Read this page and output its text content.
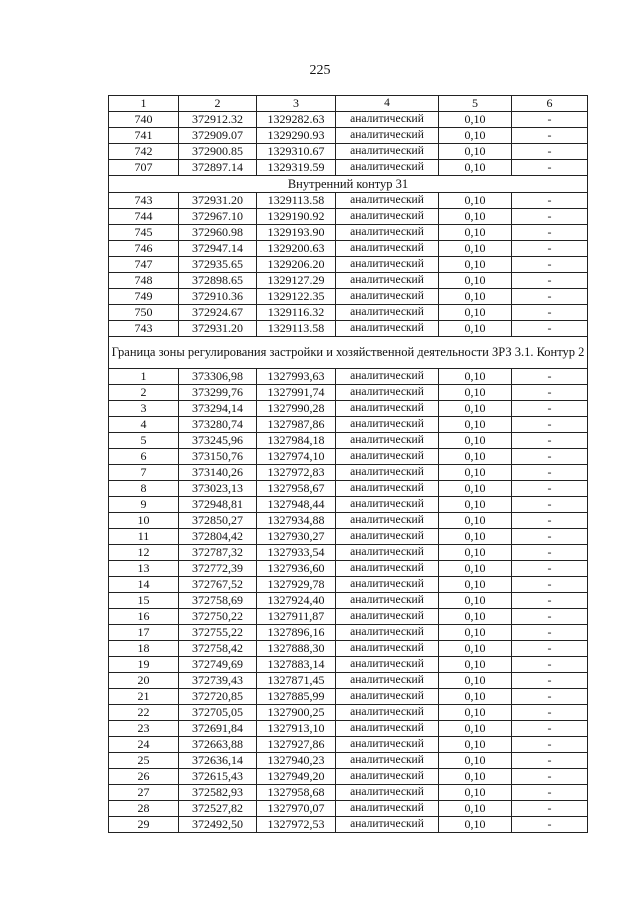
225
1	2	3	4	5	6
740	372912.32	1329282.63	аналитический	0,10	-
741	372909.07	1329290.93	аналитический	0,10	-
742	372900.85	1329310.67	аналитический	0,10	-
707	372897.14	1329319.59	аналитический	0,10	-
Внутренний контур 31					
743	372931.20	1329113.58	аналитический	0,10	-
744	372967.10	1329190.92	аналитический	0,10	-
745	372960.98	1329193.90	аналитический	0,10	-
746	372947.14	1329200.63	аналитический	0,10	-
747	372935.65	1329206.20	аналитический	0,10	-
748	372898.65	1329127.29	аналитический	0,10	-
749	372910.36	1329122.35	аналитический	0,10	-
750	372924.67	1329116.32	аналитический	0,10	-
743	372931.20	1329113.58	аналитический	0,10	-
Граница зоны регулирования застройки и хозяйственной деятельности ЗРЗ 3.1. Контур 2					
1	373306,98	1327993,63	аналитический	0,10	-
2	373299,76	1327991,74	аналитический	0,10	-
3	373294,14	1327990,28	аналитический	0,10	-
4	373280,74	1327987,86	аналитический	0,10	-
5	373245,96	1327984,18	аналитический	0,10	-
6	373150,76	1327974,10	аналитический	0,10	-
7	373140,26	1327972,83	аналитический	0,10	-
8	373023,13	1327958,67	аналитический	0,10	-
9	372948,81	1327948,44	аналитический	0,10	-
10	372850,27	1327934,88	аналитический	0,10	-
11	372804,42	1327930,27	аналитический	0,10	-
12	372787,32	1327933,54	аналитический	0,10	-
13	372772,39	1327936,60	аналитический	0,10	-
14	372767,52	1327929,78	аналитический	0,10	-
15	372758,69	1327924,40	аналитический	0,10	-
16	372750,22	1327911,87	аналитический	0,10	-
17	372755,22	1327896,16	аналитический	0,10	-
18	372758,42	1327888,30	аналитический	0,10	-
19	372749,69	1327883,14	аналитический	0,10	-
20	372739,43	1327871,45	аналитический	0,10	-
21	372720,85	1327885,99	аналитический	0,10	-
22	372705,05	1327900,25	аналитический	0,10	-
23	372691,84	1327913,10	аналитический	0,10	-
24	372663,88	1327927,86	аналитический	0,10	-
25	372636,14	1327940,23	аналитический	0,10	-
26	372615,43	1327949,20	аналитический	0,10	-
27	372582,93	1327958,68	аналитический	0,10	-
28	372527,82	1327970,07	аналитический	0,10	-
29	372492,50	1327972,53	аналитический	0,10	-
